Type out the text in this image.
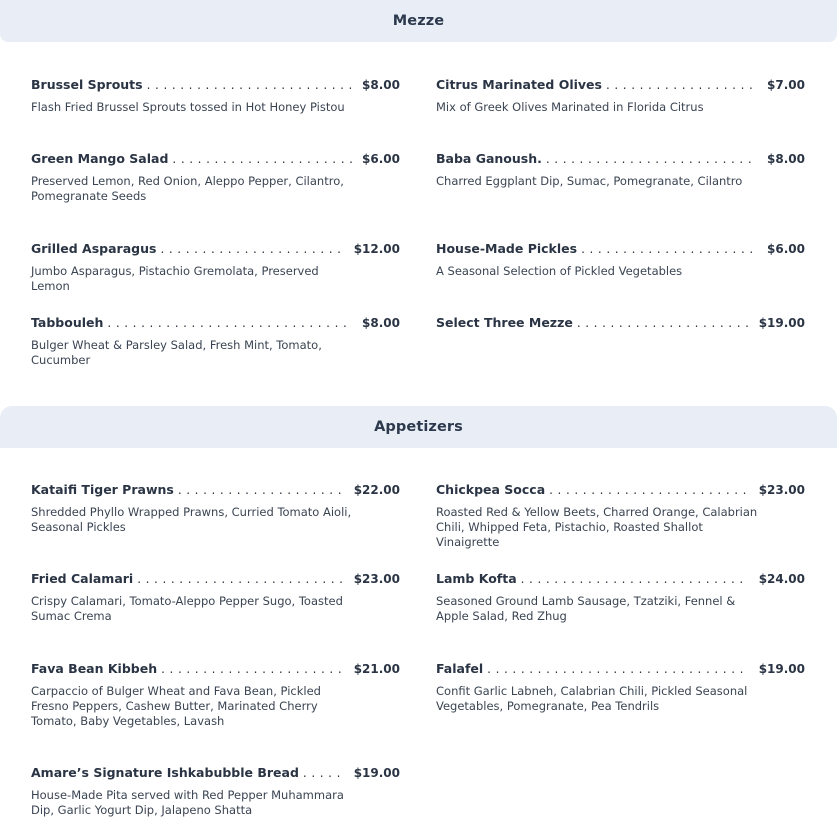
Mezze
Brussel Sprouts .....	$8.00
Flash Fried Brussel Sprouts tossed in Hot Honey Pistou
Citrus Marinated Olives .....	$7.00
Mix of Greek Olives Marinated in Florida Citrus
Green Mango Salad .....	$6.00
Preserved Lemon, Red Onion, Aleppo Pepper, Cilantro, Pomegranate Seeds
Baba Ganoush. .....	$8.00
Charred Eggplant Dip, Sumac, Pomegranate, Cilantro
Grilled Asparagus .....	$12.00
Jumbo Asparagus, Pistachio Gremolata, Preserved Lemon
House-Made Pickles .....	$6.00
A Seasonal Selection of Pickled Vegetables
Tabbouleh .....	$8.00
Bulger Wheat & Parsley Salad, Fresh Mint, Tomato, Cucumber
Select Three Mezze .....	$19.00
Appetizers
Kataifi Tiger Prawns .....	$22.00
Shredded Phyllo Wrapped Prawns, Curried Tomato Aioli, Seasonal Pickles
Chickpea Socca .....	$23.00
Roasted Red & Yellow Beets, Charred Orange, Calabrian Chili, Whipped Feta, Pistachio, Roasted Shallot Vinaigrette
Fried Calamari .....	$23.00
Crispy Calamari, Tomato-Aleppo Pepper Sugo, Toasted Sumac Crema
Lamb Kofta .....	$24.00
Seasoned Ground Lamb Sausage, Tzatziki, Fennel & Apple Salad, Red Zhug
Fava Bean Kibbeh .....	$21.00
Carpaccio of Bulger Wheat and Fava Bean, Pickled Fresno Peppers, Cashew Butter, Marinated Cherry Tomato, Baby Vegetables, Lavash
Falafel .....	$19.00
Confit Garlic Labneh, Calabrian Chili, Pickled Seasonal Vegetables, Pomegranate, Pea Tendrils
Amare’s Signature Ishkabubble Bread .....	$19.00
House-Made Pita served with Red Pepper Muhammara Dip, Garlic Yogurt Dip, Jalapeno Shatta
